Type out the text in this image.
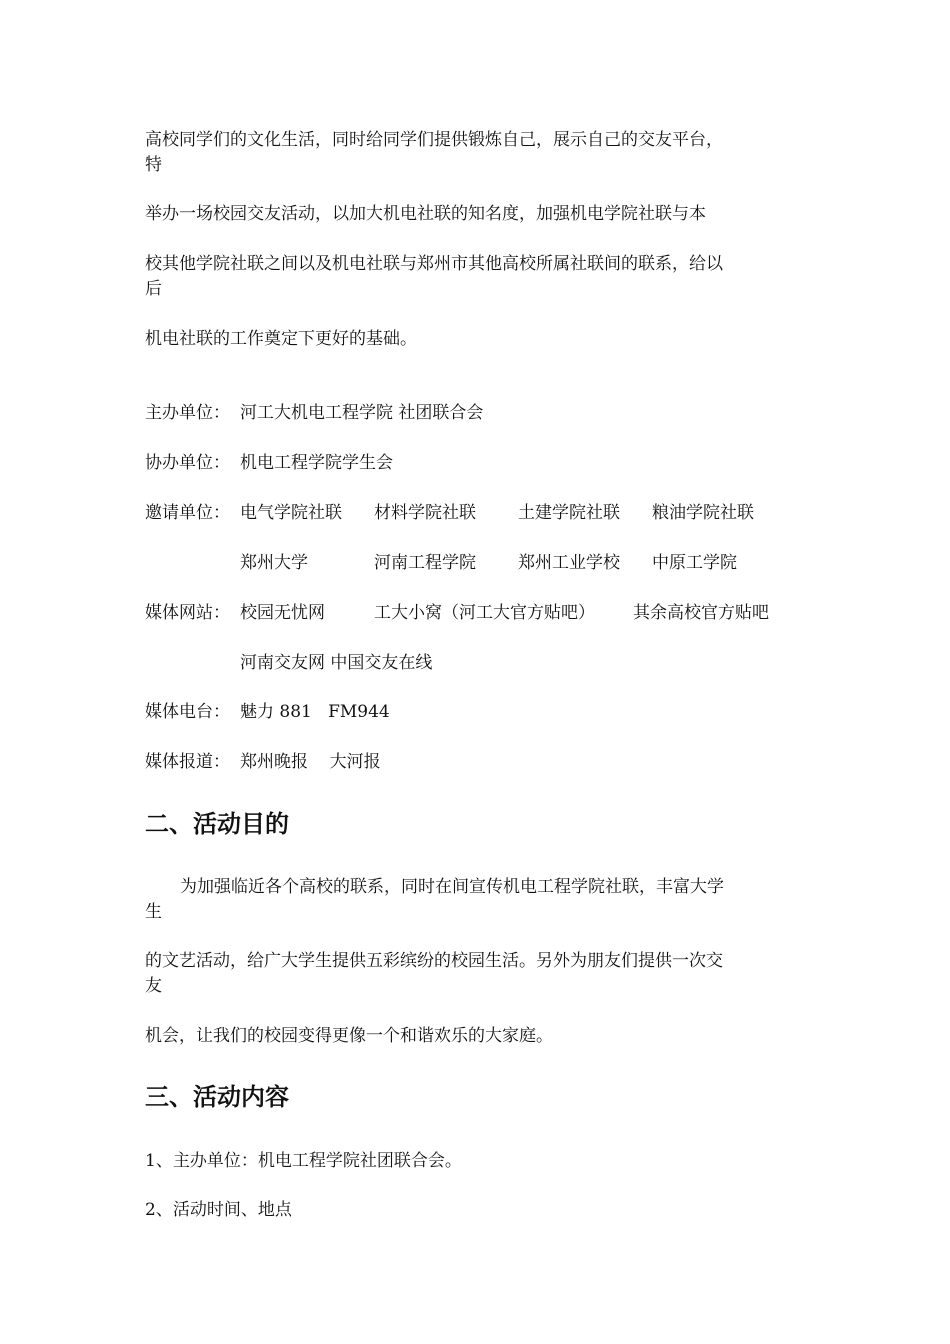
高校同学们的文化生活，同时给同学们提供锻炼自己，展示自己的交友平台，
特
举办一场校园交友活动，以加大机电社联的知名度，加强机电学院社联与本
校其他学院社联之间以及机电社联与郑州市其他高校所属社联间的联系，给以
后
机电社联的工作奠定下更好的基础。
主办单位： 河工大机电工程学院 社团联合会
协办单位： 机电工程学院学生会
邀请单位： 电气学院社联 材料学院社联 土建学院社联 粮油学院社联
郑州大学	河南工程学院 郑州工业学校 中原工学院
媒体网站： 校园无忧网	工大小窝（河工大官方贴吧） 其余高校官方贴吧
河南交友网 中国交友在线
媒体电台： 魅力 881   FM944
媒体报道： 郑州晚报    大河报
二、活动目的
为加强临近各个高校的联系，同时在间宣传机电工程学院社联，丰富大学
生
的文艺活动，给广大学生提供五彩缤纷的校园生活。另外为朋友们提供一次交
友
机会，让我们的校园变得更像一个和谐欢乐的大家庭。
三、活动内容
1、主办单位：机电工程学院社团联合会。
2、活动时间、地点
